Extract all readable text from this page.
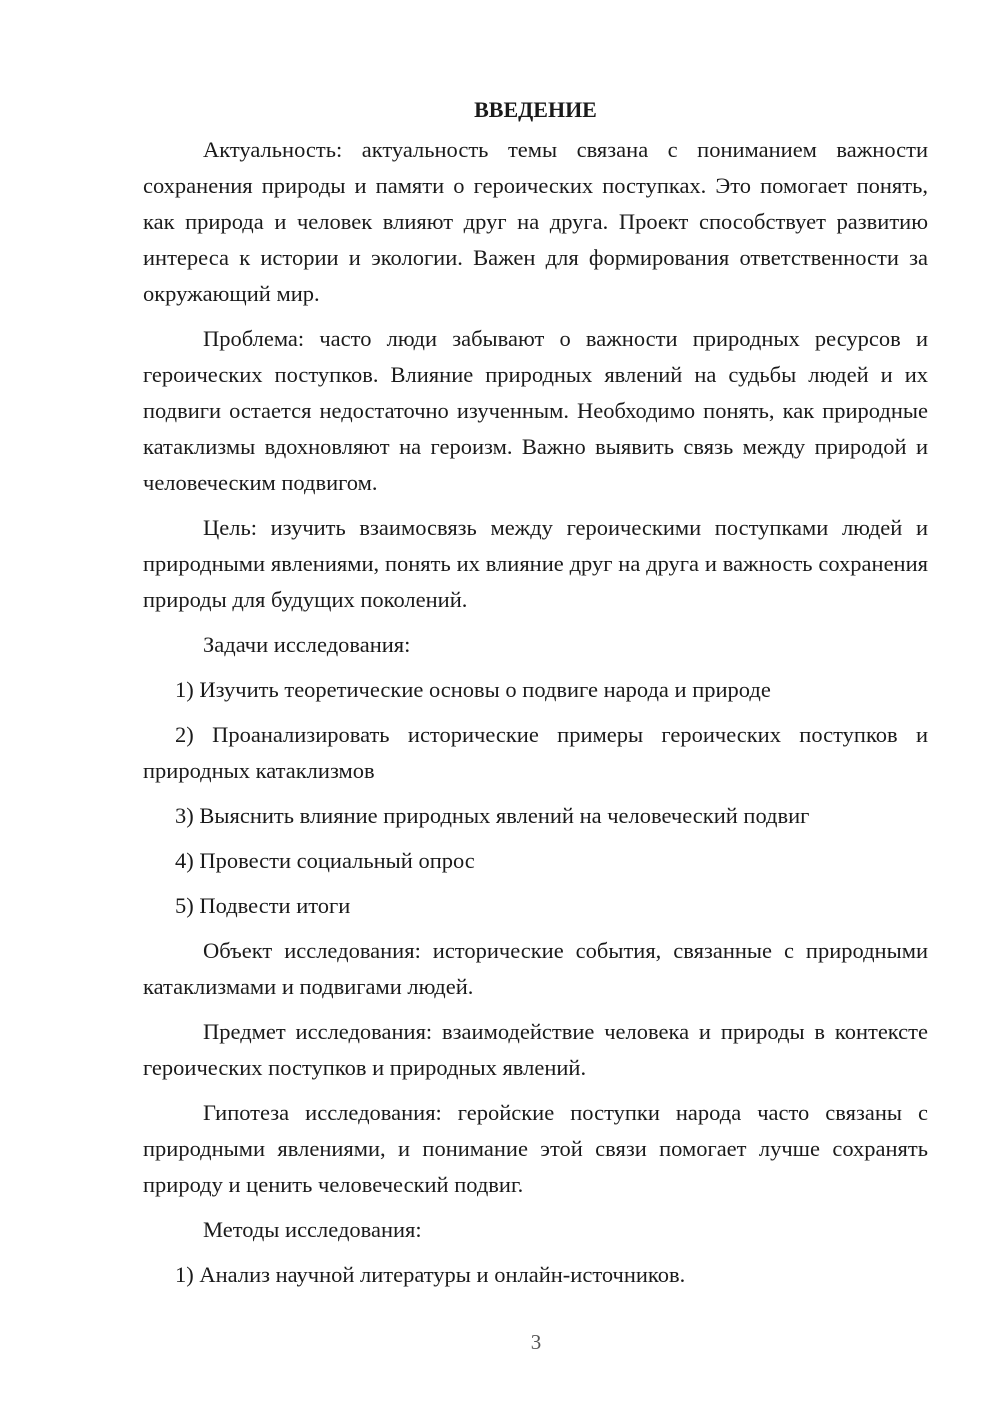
ВВЕДЕНИЕ

Актуальность: актуальность темы связана с пониманием важности сохранения природы и памяти о героических поступках. Это помогает понять, как природа и человек влияют друг на друга. Проект способствует развитию интереса к истории и экологии. Важен для формирования ответственности за окружающий мир.

Проблема: часто люди забывают о важности природных ресурсов и героических поступков. Влияние природных явлений на судьбы людей и их подвиги остается недостаточно изученным. Необходимо понять, как природные катаклизмы вдохновляют на героизм. Важно выявить связь между природой и человеческим подвигом.

Цель: изучить взаимосвязь между героическими поступками людей и природными явлениями, понять их влияние друг на друга и важность сохранения природы для будущих поколений.

Задачи исследования:

1) Изучить теоретические основы о подвиге народа и природе

2) Проанализировать исторические примеры героических поступков и природных катаклизмов

3) Выяснить влияние природных явлений на человеческий подвиг

4) Провести социальный опрос

5) Подвести итоги

Объект исследования: исторические события, связанные с природными катаклизмами и подвигами людей.

Предмет исследования: взаимодействие человека и природы в контексте героических поступков и природных явлений.

Гипотеза исследования: геройские поступки народа часто связаны с природными явлениями, и понимание этой связи помогает лучше сохранять природу и ценить человеческий подвиг.

Методы исследования:

1) Анализ научной литературы и онлайн-источников.

3
